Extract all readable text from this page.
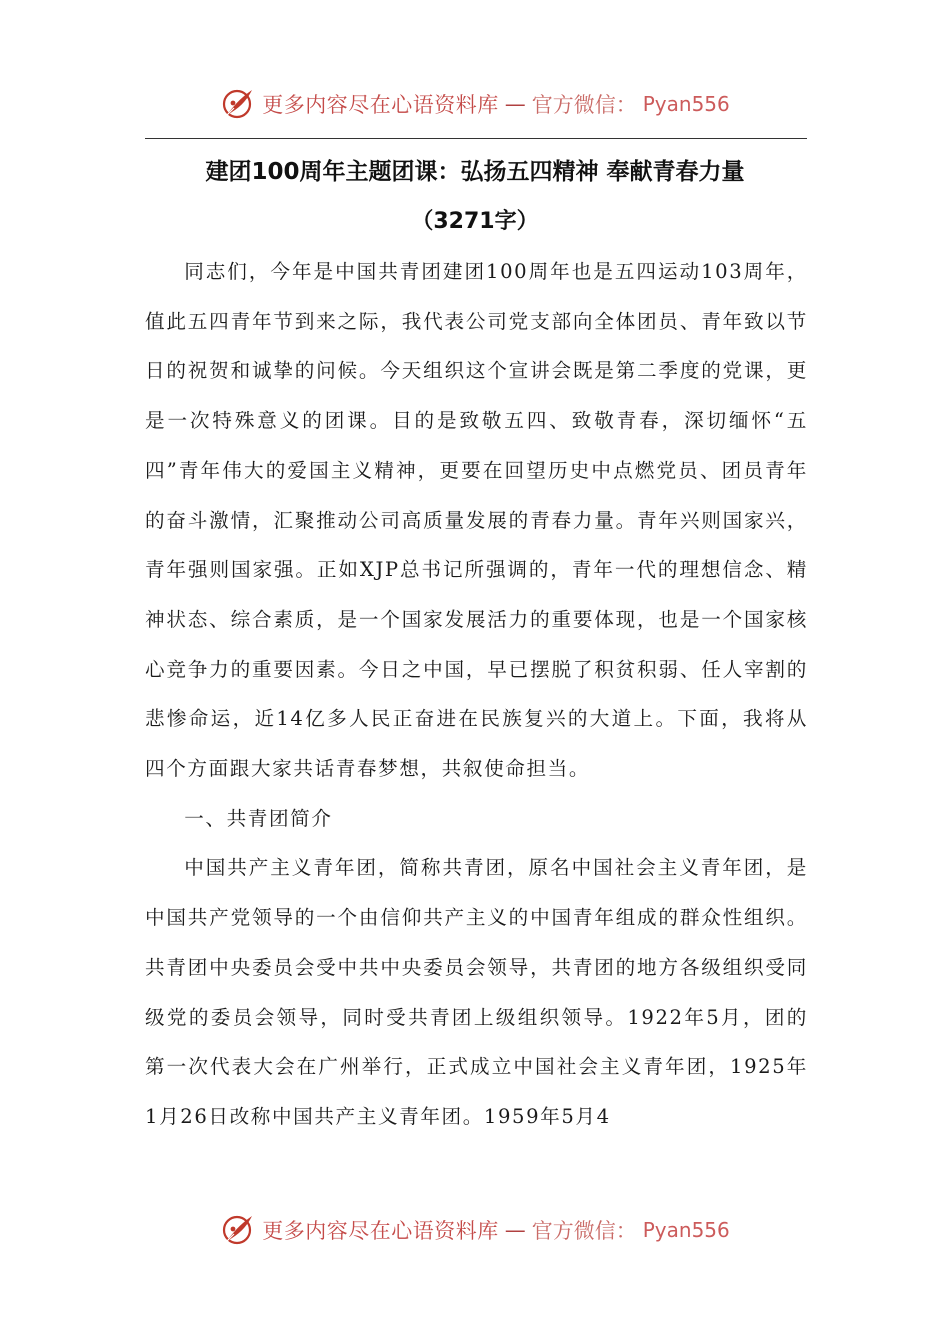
更多内容尽在心语资料库 — 官方微信： Pyan556
建团100周年主题团课：弘扬五四精神 奉献青春力量
（3271字）

同志们，今年是中国共青团建团100周年也是五四运动103周年，值此五四青年节到来之际，我代表公司党支部向全体团员、青年致以节日的祝贺和诚挚的问候。今天组织这个宣讲会既是第二季度的党课，更是一次特殊意义的团课。目的是致敬五四、致敬青春，深切缅怀“五四”青年伟大的爱国主义精神，更要在回望历史中点燃党员、团员青年的奋斗激情，汇聚推动公司高质量发展的青春力量。青年兴则国家兴，青年强则国家强。正如XJP总书记所强调的，青年一代的理想信念、精神状态、综合素质，是一个国家发展活力的重要体现，也是一个国家核心竞争力的重要因素。今日之中国，早已摆脱了积贫积弱、任人宰割的悲惨命运，近14亿多人民正奋进在民族复兴的大道上。下面，我将从四个方面跟大家共话青春梦想，共叙使命担当。

一、共青团简介

中国共产主义青年团，简称共青团，原名中国社会主义青年团，是中国共产党领导的一个由信仰共产主义的中国青年组成的群众性组织。共青团中央委员会受中共中央委员会领导，共青团的地方各级组织受同级党的委员会领导，同时受共青团上级组织领导。1922年5月，团的第一次代表大会在广州举行，正式成立中国社会主义青年团，1925年1月26日改称中国共产主义青年团。1959年5月4

更多内容尽在心语资料库 — 官方微信： Pyan556
